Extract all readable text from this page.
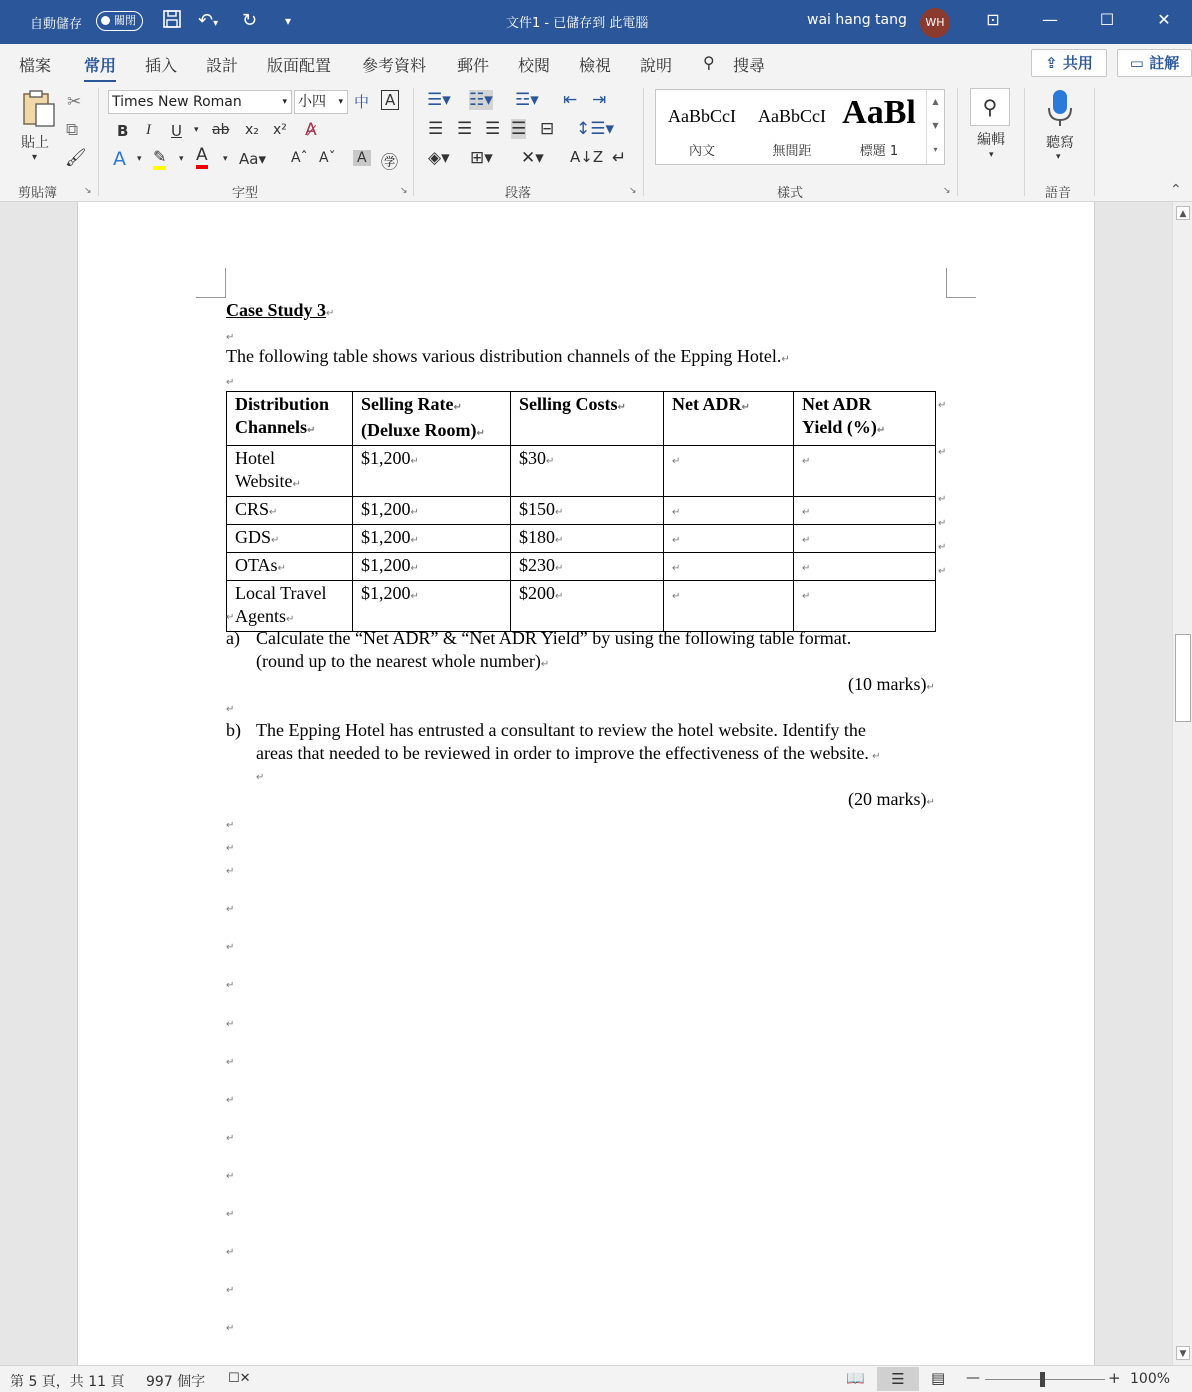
自動儲存	關閉	↶▾ ↻ ▾	文件1 - 已儲存到 此電腦	wai hang tang	WH	⊡	—	☐	✕
檔案 常用 插入 設計 版面配置 參考資料 郵件 校閱 檢視 說明 ⚲ 搜尋	⇪ 共用	▭ 註解
貼上
▾
✂
⧉
🖌
剪貼簿	↘
Times New Roman	▾ 小四 ▾ 中 A
B I U ▾ ab x₂ x² A̷
A ▾ ✎ ▾ A ▾ Aa▾ Aˆ Aˇ A ㊫
字型	↘
☰▾ ☷▾ ☲▾ ⇤ ⇥
☰ ☰ ☰ ☰ ⊟ ↕☰▾
◈▾ ⊞▾ ✕▾ A↓Z ↵
段落	↘
AaBbCcI
內文
AaBbCcI
無間距
AaBl
標題 1
▲
▼
▾
樣式	↘
⚲
編輯
▾
聽寫
▾
語音	⌃
Case Study 3↵
↵
The following table shows various distribution channels of the Epping Hotel.↵
↵
Distribution
Channels↵	Selling Rate↵
(Deluxe Room)↵	Selling Costs↵	Net ADR↵	Net ADR
Yield (%)↵
Hotel
Website↵	$1,200↵	$30↵	↵	↵
CRS↵	$1,200↵	$150↵	↵	↵
GDS↵	$1,200↵	$180↵	↵	↵
OTAs↵	$1,200↵	$230↵	↵	↵
Local Travel
Agents↵	$1,200↵	$200↵	↵	↵
↵
↵
↵
↵
↵
↵
↵
a) Calculate the “Net ADR” & “Net ADR Yield” by using the following table format.
(round up to the nearest whole number)↵
(10 marks)↵
↵
b) The Epping Hotel has entrusted a consultant to review the hotel website. Identify the
areas that needed to be reviewed in order to improve the effectiveness of the website. ↵
↵
(20 marks)↵
↵
↵
↵
↵
↵
↵
↵
↵
↵
↵
↵
↵
↵
↵
↵
▲
▼
第 5 頁，共 11 頁 997 個字 ☐✕	📖	☰	▤ —	+ 100%
